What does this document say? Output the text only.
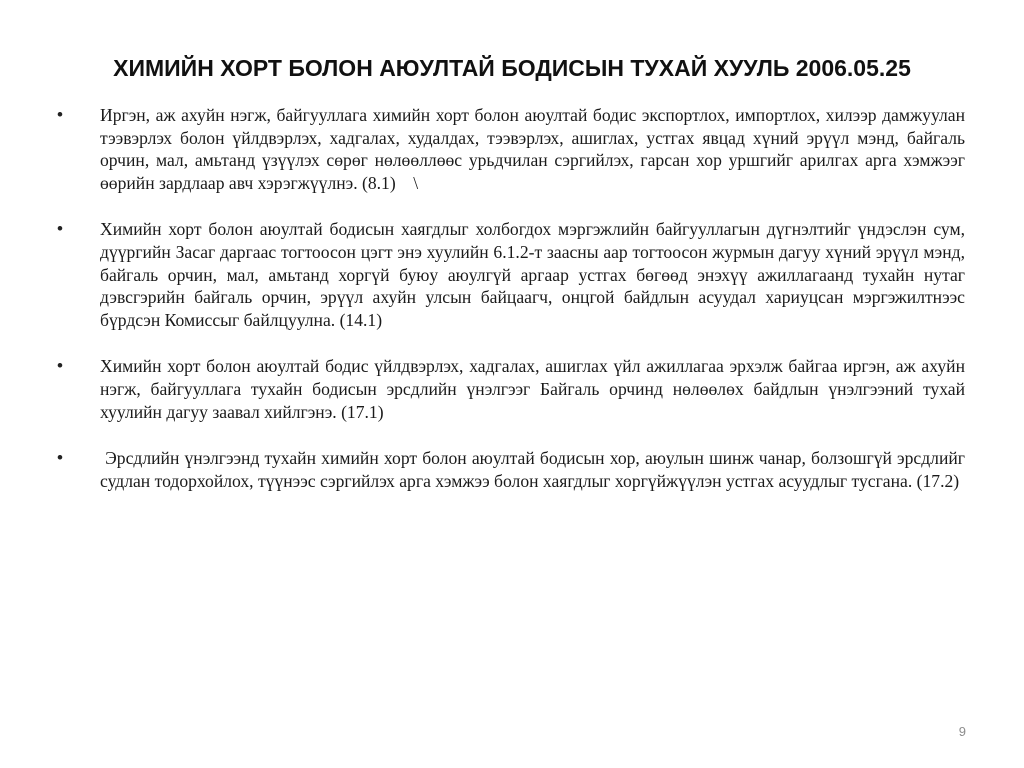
ХИМИЙН ХОРТ БОЛОН АЮУЛТАЙ БОДИСЫН ТУХАЙ ХУУЛЬ 2006.05.25
• Иргэн, аж ахуйн нэгж, байгууллага химийн хорт болон аюултай бодис экспортлох, импортлох, хилээр дамжуулан тээвэрлэх болон үйлдвэрлэх, хадгалах, худалдах, тээвэрлэх, ашиглах, устгах явцад хүний эрүүл мэнд, байгаль орчин, мал, амьтанд үзүүлэх сөрөг нөлөөллөөс урьдчилан сэргийлэх, гарсан хор уршгийг арилгах арга хэмжээг өөрийн зардлаар авч хэрэгжүүлнэ. (8.1)    \
• Химийн хорт болон аюултай бодисын хаягдлыг холбогдох мэргэжлийн байгууллагын дүгнэлтийг үндэслэн сум, дүүргийн Засаг даргаас тогтоосон цэгт энэ хуулийн 6.1.2-т заасны аар тогтоосон журмын дагуу хүний эрүүл мэнд, байгаль орчин, мал, амьтанд хоргүй буюу аюулгүй аргаар устгах бөгөөд энэхүү ажиллагаанд тухайн нутаг дэвсгэрийн байгаль орчин, эрүүл ахуйн улсын байцаагч, онцгой байдлын асуудал хариуцсан мэргэжилтнээс бүрдсэн Комиссыг байлцуулна. (14.1)
• Химийн хорт болон аюултай бодис үйлдвэрлэх, хадгалах, ашиглах үйл ажиллагаа эрхэлж байгаа иргэн, аж ахуйн нэгж, байгууллага тухайн бодисын эрсдлийн үнэлгээг Байгаль орчинд нөлөөлөх байдлын үнэлгээний тухай хуулийн дагуу заавал хийлгэнэ. (17.1)
• Эрсдлийн үнэлгээнд тухайн химийн хорт болон аюултай бодисын хор, аюулын шинж чанар, болзошгүй эрсдлийг судлан тодорхойлох, түүнээс сэргийлэх арга хэмжээ болон хаягдлыг хоргүйжүүлэн устгах асуудлыг тусгана. (17.2)
9
